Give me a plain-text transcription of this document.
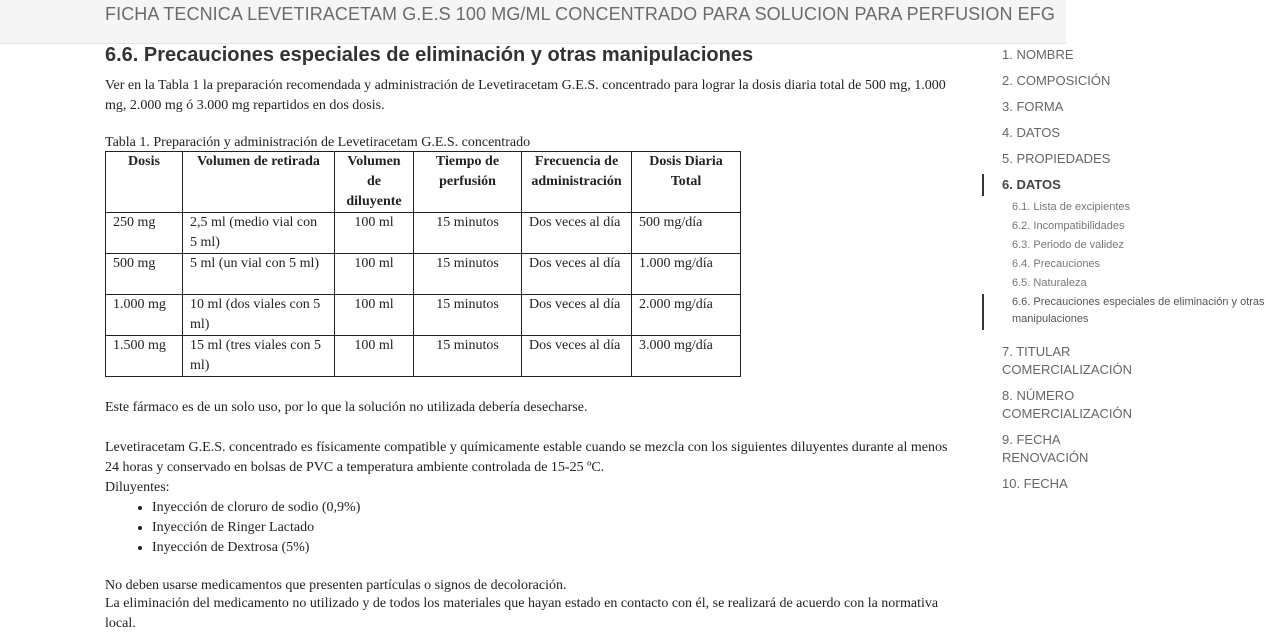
FICHA TECNICA LEVETIRACETAM G.E.S 100 MG/ML CONCENTRADO PARA SOLUCION PARA PERFUSION EFG
6.6. Precauciones especiales de eliminación y otras manipulaciones

Ver en la Tabla 1 la preparación recomendada y administración de Levetiracetam G.E.S. concentrado para lograr la dosis diaria total de 500 mg, 1.000 mg, 2.000 mg ó 3.000 mg repartidos en dos dosis.

Tabla 1. Preparación y administración de Levetiracetam G.E.S. concentrado

Dosis	Volumen de retirada	Volumen de diluyente	Tiempo de perfusión	Frecuencia de administración	Dosis Diaria Total
250 mg	2,5 ml (medio vial con 5 ml)	100 ml	15 minutos	Dos veces al día	500 mg/día
500 mg	5 ml (un vial con 5 ml)	100 ml	15 minutos	Dos veces al día	1.000 mg/día
1.000 mg	10 ml (dos viales con 5 ml)	100 ml	15 minutos	Dos veces al día	2.000 mg/día
1.500 mg	15 ml (tres viales con 5 ml)	100 ml	15 minutos	Dos veces al día	3.000 mg/día

Este fármaco es de un solo uso, por lo que la solución no utilizada debería desecharse.

Levetiracetam G.E.S. concentrado es físicamente compatible y químicamente estable cuando se mezcla con los siguientes diluyentes durante al menos 24 horas y conservado en bolsas de PVC a temperatura ambiente controlada de 15-25 ºC.

Diluyentes:

• Inyección de cloruro de sodio (0,9%)
• Inyección de Ringer Lactado
• Inyección de Dextrosa (5%)

No deben usarse medicamentos que presenten partículas o signos de decoloración.

La eliminación del medicamento no utilizado y de todos los materiales que hayan estado en contacto con él, se realizará de acuerdo con la normativa local.

1. NOMBRE
2. COMPOSICIÓN
3. FORMA
4. DATOS
5. PROPIEDADES
6. DATOS
6.1. Lista de excipientes
6.2. Incompatibilidades
6.3. Periodo de validez
6.4. Precauciones
6.5. Naturaleza
6.6. Precauciones especiales de eliminación y otras
manipulaciones
7. TITULAR
COMERCIALIZACIÓN
8. NÚMERO
COMERCIALIZACIÓN
9. FECHA
RENOVACIÓN
10. FECHA
